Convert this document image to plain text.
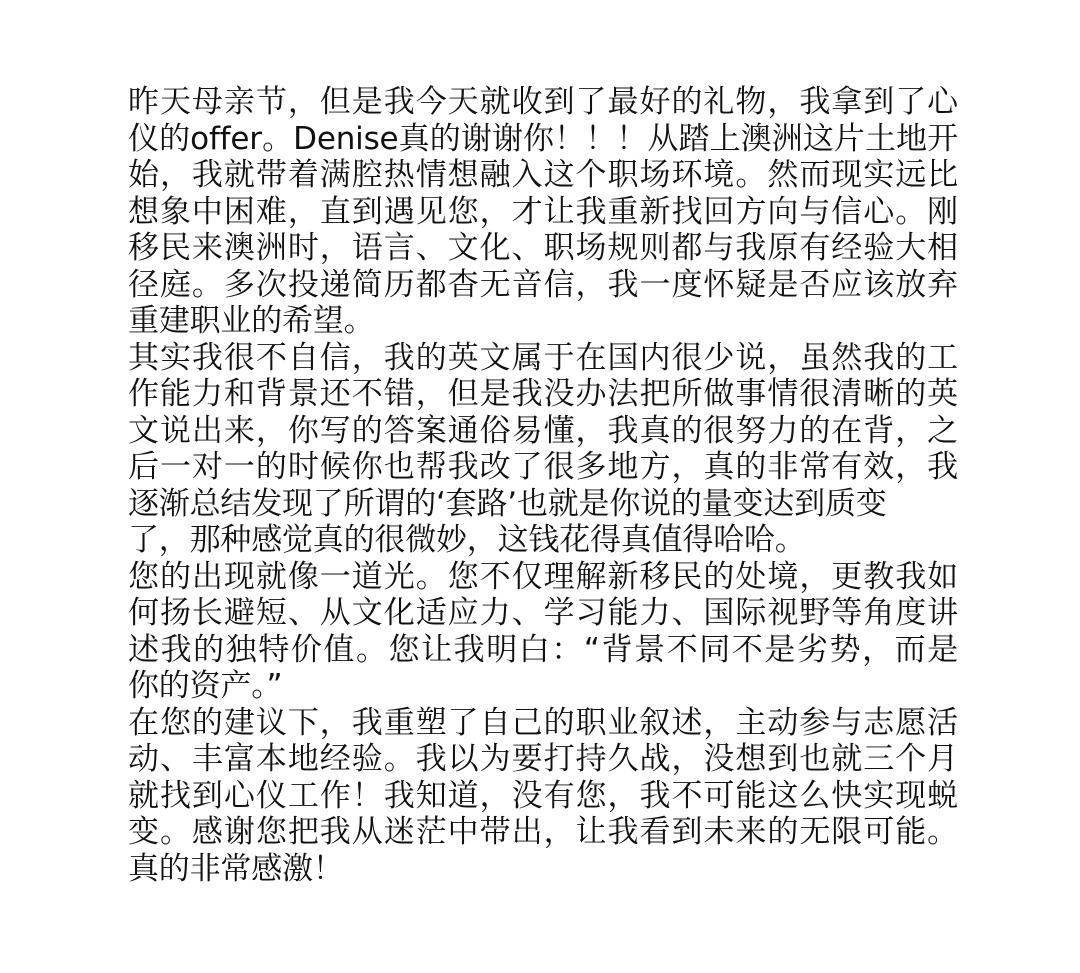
昨天母亲节，但是我今天就收到了最好的礼物，我拿到了心
仪的offer。Denise真的谢谢你！！！从踏上澳洲这片土地开
始，我就带着满腔热情想融入这个职场环境。然而现实远比
想象中困难，直到遇见您，才让我重新找回方向与信心。刚
移民来澳洲时，语言、文化、职场规则都与我原有经验大相
径庭。多次投递简历都杳无音信，我一度怀疑是否应该放弃
重建职业的希望。
其实我很不自信，我的英文属于在国内很少说，虽然我的工
作能力和背景还不错，但是我没办法把所做事情很清晰的英
文说出来，你写的答案通俗易懂，我真的很努力的在背，之
后一对一的时候你也帮我改了很多地方，真的非常有效，我
逐渐总结发现了所谓的‘套路’也就是你说的量变达到质变
了，那种感觉真的很微妙，这钱花得真值得哈哈。
您的出现就像一道光。您不仅理解新移民的处境，更教我如
何扬长避短、从文化适应力、学习能力、国际视野等角度讲
述我的独特价值。您让我明白：“背景不同不是劣势，而是
你的资产。”
在您的建议下，我重塑了自己的职业叙述，主动参与志愿活
动、丰富本地经验。我以为要打持久战，没想到也就三个月
就找到心仪工作！我知道，没有您，我不可能这么快实现蜕
变。感谢您把我从迷茫中带出，让我看到未来的无限可能。
真的非常感激！
